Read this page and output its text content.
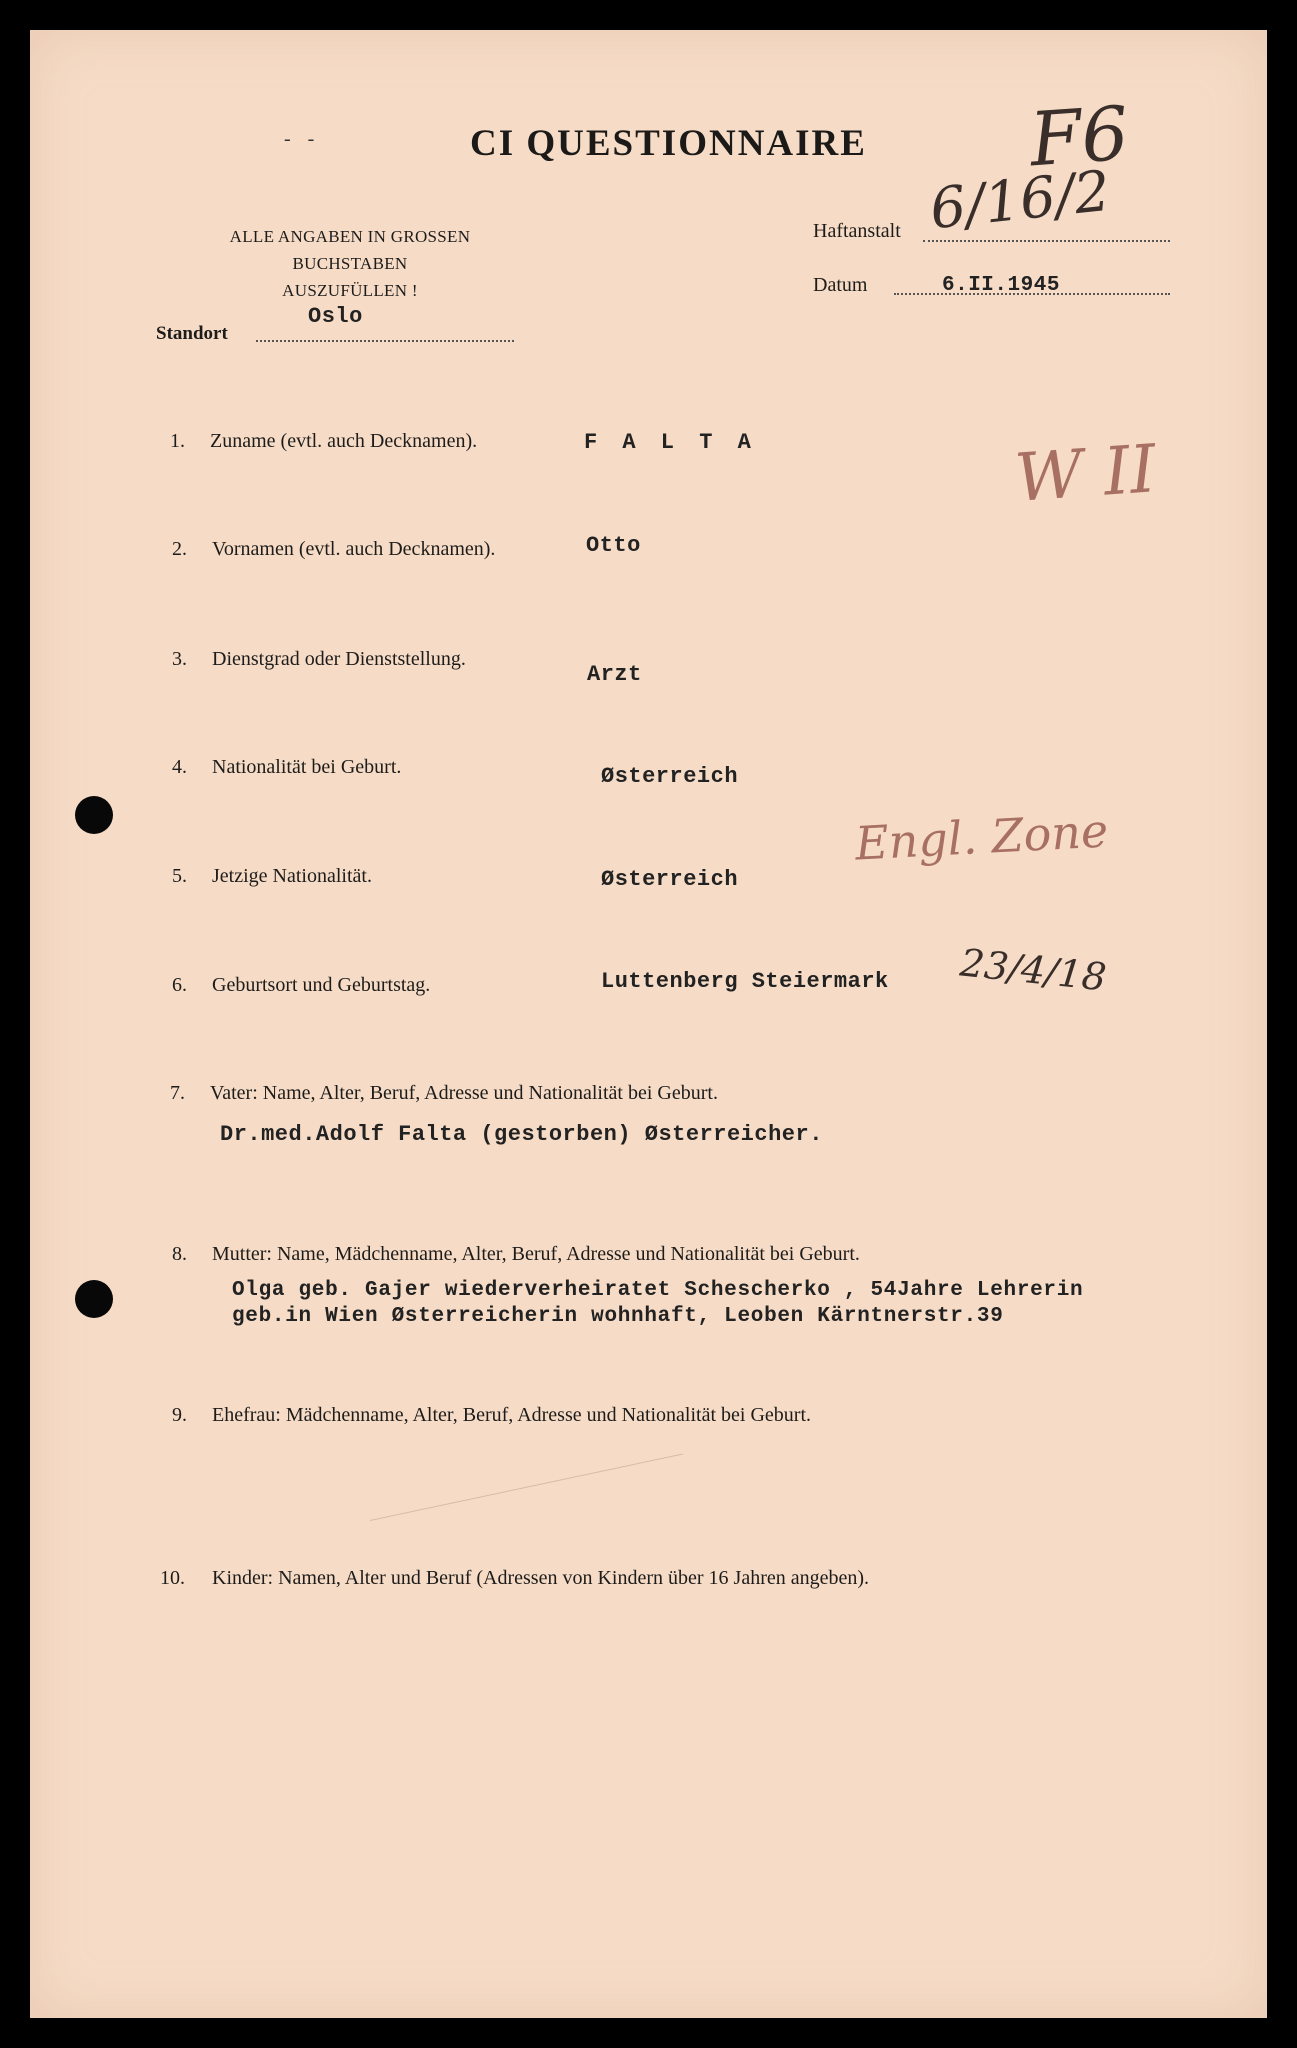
- -	CI QUESTIONNAIRE
ALLE ANGABEN IN GROSSEN BUCHSTABEN
AUSZUFÜLLEN !
Haftanstalt 6/16/2
F6
Datum	6.II.1945
Standort
Oslo
1. Zuname (evtl. auch Decknamen).	F A L T A
2. Vornamen (evtl. auch Decknamen).	Otto
3. Dienstgrad oder Dienststellung.
Arzt
4. Nationalität bei Geburt.	Østerreich
5. Jetzige Nationalität.	Østerreich
6. Geburtsort und Geburtstag.	Luttenberg Steiermark 23/4/18
7. Vater: Name, Alter, Beruf, Adresse und Nationalität bei Geburt.
Dr.med.Adolf Falta (gestorben) Østerreicher.
8. Mutter: Name, Mädchenname, Alter, Beruf, Adresse und Nationalität bei Geburt.
Olga geb. Gajer wiederverheiratet Schescherko , 54Jahre Lehrerin
geb.in Wien Østerreicherin wohnhaft, Leoben Kärntnerstr.39
9. Ehefrau: Mädchenname, Alter, Beruf, Adresse und Nationalität bei Geburt.
10. Kinder: Namen, Alter und Beruf (Adressen von Kindern über 16 Jahren angeben).
W II
Engl. Zone
